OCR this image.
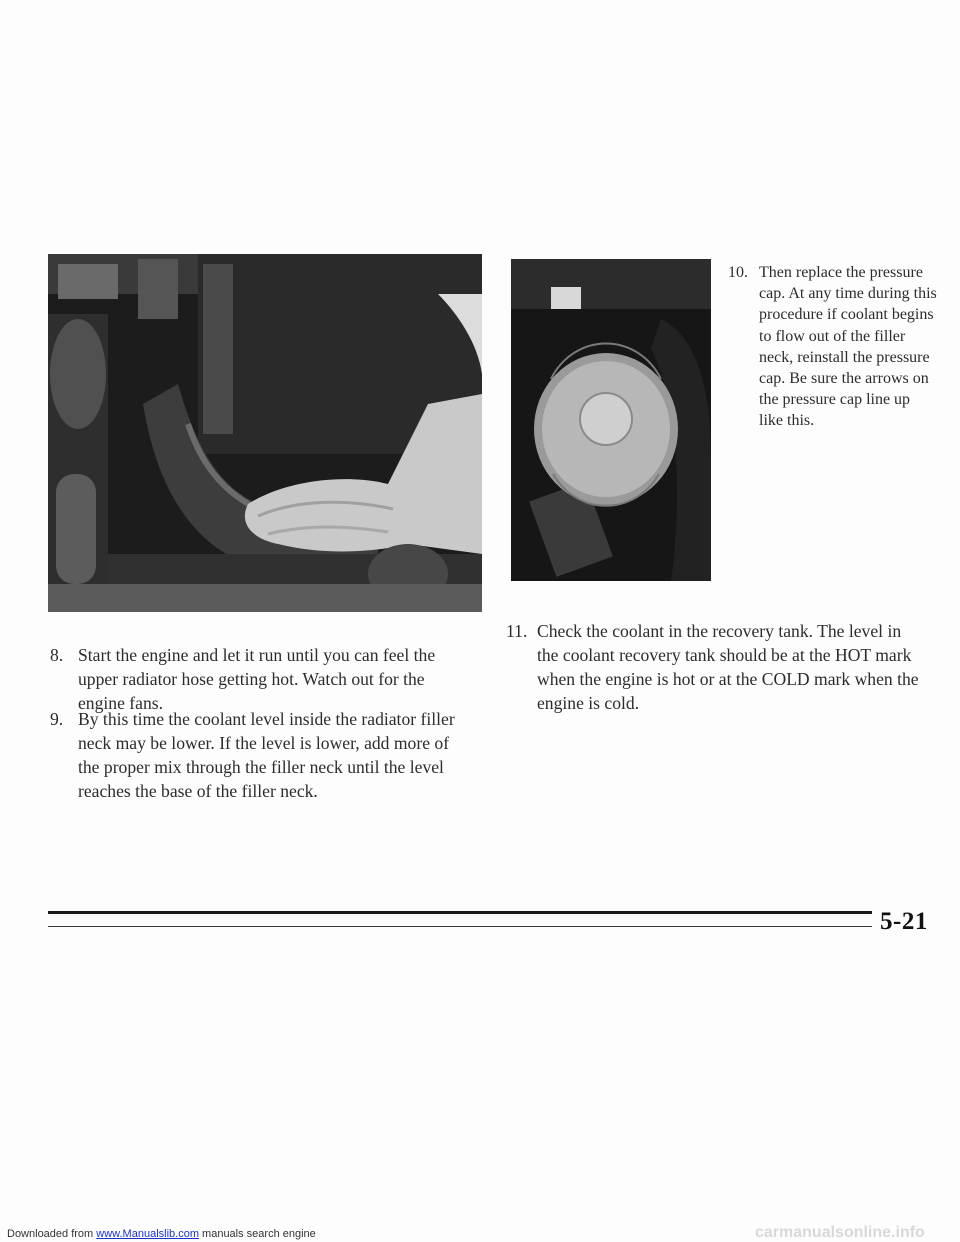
10. Then replace the pressure cap. At any time during this procedure if coolant begins to flow out of the filler neck, reinstall the pressure cap. Be sure the arrows on the pressure cap line up like this.
8. Start the engine and let it run until you can feel the upper radiator hose getting hot. Watch out for the engine fans.
9. By this time the coolant level inside the radiator filler neck may be lower. If the level is lower, add more of the proper mix through the filler neck until the level reaches the base of the filler neck.
11. Check the coolant in the recovery tank. The level in the coolant recovery tank should be at the HOT mark when the engine is hot or at the COLD mark when the engine is cold.
5-21
Downloaded from www.Manualslib.com manuals search engine	carmanualsonline.info
